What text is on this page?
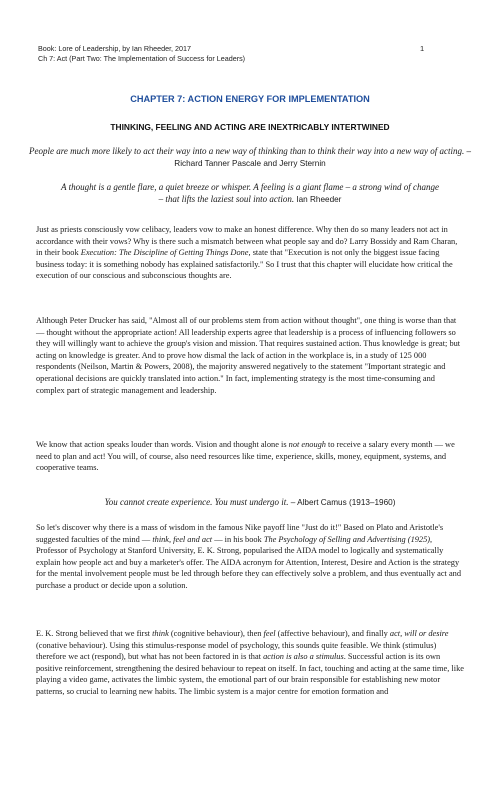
Book: Lore of Leadership, by Ian Rheeder, 2017
Ch 7: Act (Part Two: The Implementation of Success for Leaders)
1
CHAPTER 7: ACTION ENERGY FOR IMPLEMENTATION
THINKING, FEELING AND ACTING ARE INEXTRICABLY INTERTWINED
People are much more likely to act their way into a new way of thinking than to think their way into a new way of acting. – Richard Tanner Pascale and Jerry Sternin
A thought is a gentle flare, a quiet breeze or whisper. A feeling is a giant flame – a strong wind of change – that lifts the laziest soul into action. Ian Rheeder
Just as priests consciously vow celibacy, leaders vow to make an honest difference. Why then do so many leaders not act in accordance with their vows? Why is there such a mismatch between what people say and do? Larry Bossidy and Ram Charan, in their book Execution: The Discipline of Getting Things Done, state that "Execution is not only the biggest issue facing business today: it is something nobody has explained satisfactorily." So I trust that this chapter will elucidate how critical the execution of our conscious and subconscious thoughts are.
Although Peter Drucker has said, "Almost all of our problems stem from action without thought", one thing is worse than that — thought without the appropriate action! All leadership experts agree that leadership is a process of influencing followers so they will willingly want to achieve the group's vision and mission. That requires sustained action. Thus knowledge is great; but acting on knowledge is greater. And to prove how dismal the lack of action in the workplace is, in a study of 125 000 respondents (Neilson, Martin & Powers, 2008), the majority answered negatively to the statement "Important strategic and operational decisions are quickly translated into action." In fact, implementing strategy is the most time-consuming and complex part of strategic management and leadership.
We know that action speaks louder than words. Vision and thought alone is not enough to receive a salary every month — we need to plan and act! You will, of course, also need resources like time, experience, skills, money, equipment, systems, and cooperative teams.
You cannot create experience. You must undergo it. – Albert Camus (1913–1960)
So let's discover why there is a mass of wisdom in the famous Nike payoff line "Just do it!" Based on Plato and Aristotle's suggested faculties of the mind — think, feel and act — in his book The Psychology of Selling and Advertising (1925), Professor of Psychology at Stanford University, E. K. Strong, popularised the AIDA model to logically and systematically explain how people act and buy a marketer's offer. The AIDA acronym for Attention, Interest, Desire and Action is the strategy for the mental involvement people must be led through before they can effectively solve a problem, and thus eventually act and purchase a product or decide upon a solution.
E. K. Strong believed that we first think (cognitive behaviour), then feel (affective behaviour), and finally act, will or desire (conative behaviour). Using this stimulus-response model of psychology, this sounds quite feasible. We think (stimulus) therefore we act (respond), but what has not been factored in is that action is also a stimulus. Successful action is its own positive reinforcement, strengthening the desired behaviour to repeat on itself. In fact, touching and acting at the same time, like playing a video game, activates the limbic system, the emotional part of our brain responsible for establishing new motor patterns, so crucial to learning new habits. The limbic system is a major centre for emotion formation and
